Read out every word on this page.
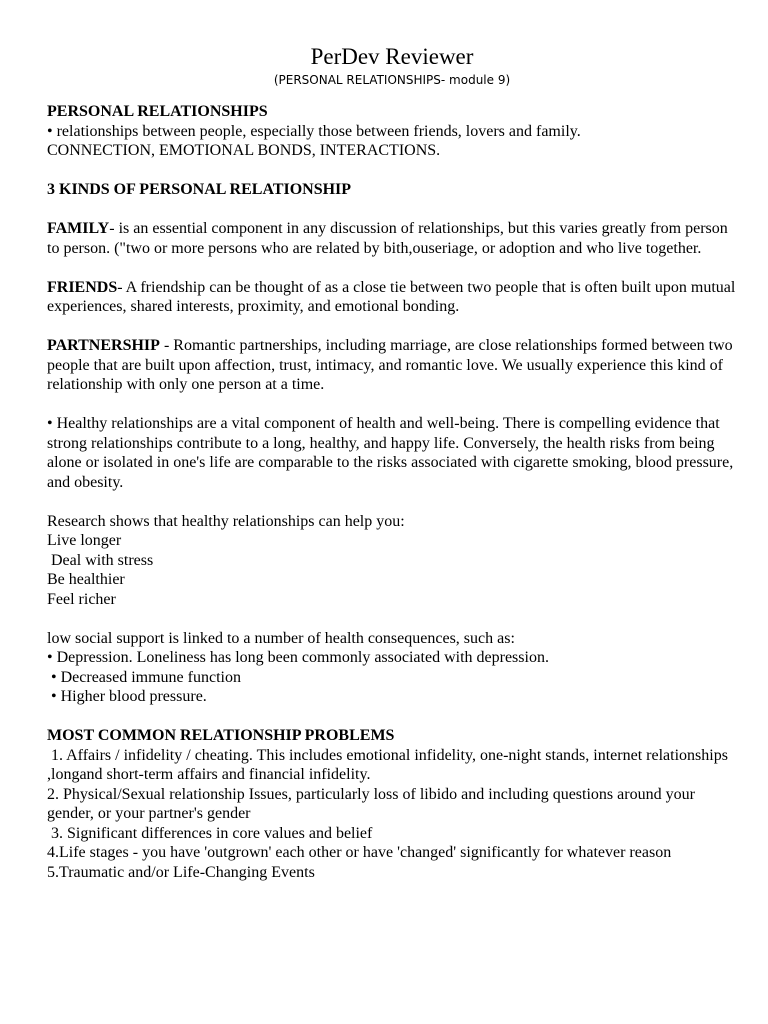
PerDev Reviewer
(PERSONAL RELATIONSHIPS- module 9)
PERSONAL RELATIONSHIPS
• relationships between people, especially those between friends, lovers and family.
CONNECTION, EMOTIONAL BONDS, INTERACTIONS.
3 KINDS OF PERSONAL RELATIONSHIP

FAMILY- is an essential component in any discussion of relationships, but this varies greatly from person to person. ("two or more persons who are related by bith,ouseriage, or adoption and who live together.

FRIENDS- A friendship can be thought of as a close tie between two people that is often built upon mutual experiences, shared interests, proximity, and emotional bonding.

PARTNERSHIP - Romantic partnerships, including marriage, are close relationships formed between two people that are built upon affection, trust, intimacy, and romantic love. We usually experience this kind of relationship with only one person at a time.

• Healthy relationships are a vital component of health and well-being. There is compelling evidence that strong relationships contribute to a long, healthy, and happy life. Conversely, the health risks from being alone or isolated in one's life are comparable to the risks associated with cigarette smoking, blood pressure, and obesity.

Research shows that healthy relationships can help you:
Live longer
Deal with stress
Be healthier
Feel richer
low social support is linked to a number of health consequences, such as:
• Depression. Loneliness has long been commonly associated with depression.
• Decreased immune function
• Higher blood pressure.
MOST COMMON RELATIONSHIP PROBLEMS

1. Affairs / infidelity / cheating. This includes emotional infidelity, one-night stands, internet relationships ,longand short-term affairs and financial infidelity.

2. Physical/Sexual relationship Issues, particularly loss of libido and including questions around your gender, or your partner's gender

3. Significant differences in core values and belief

4.Life stages - you have 'outgrown' each other or have 'changed' significantly for whatever reason

5.Traumatic and/or Life-Changing Events
